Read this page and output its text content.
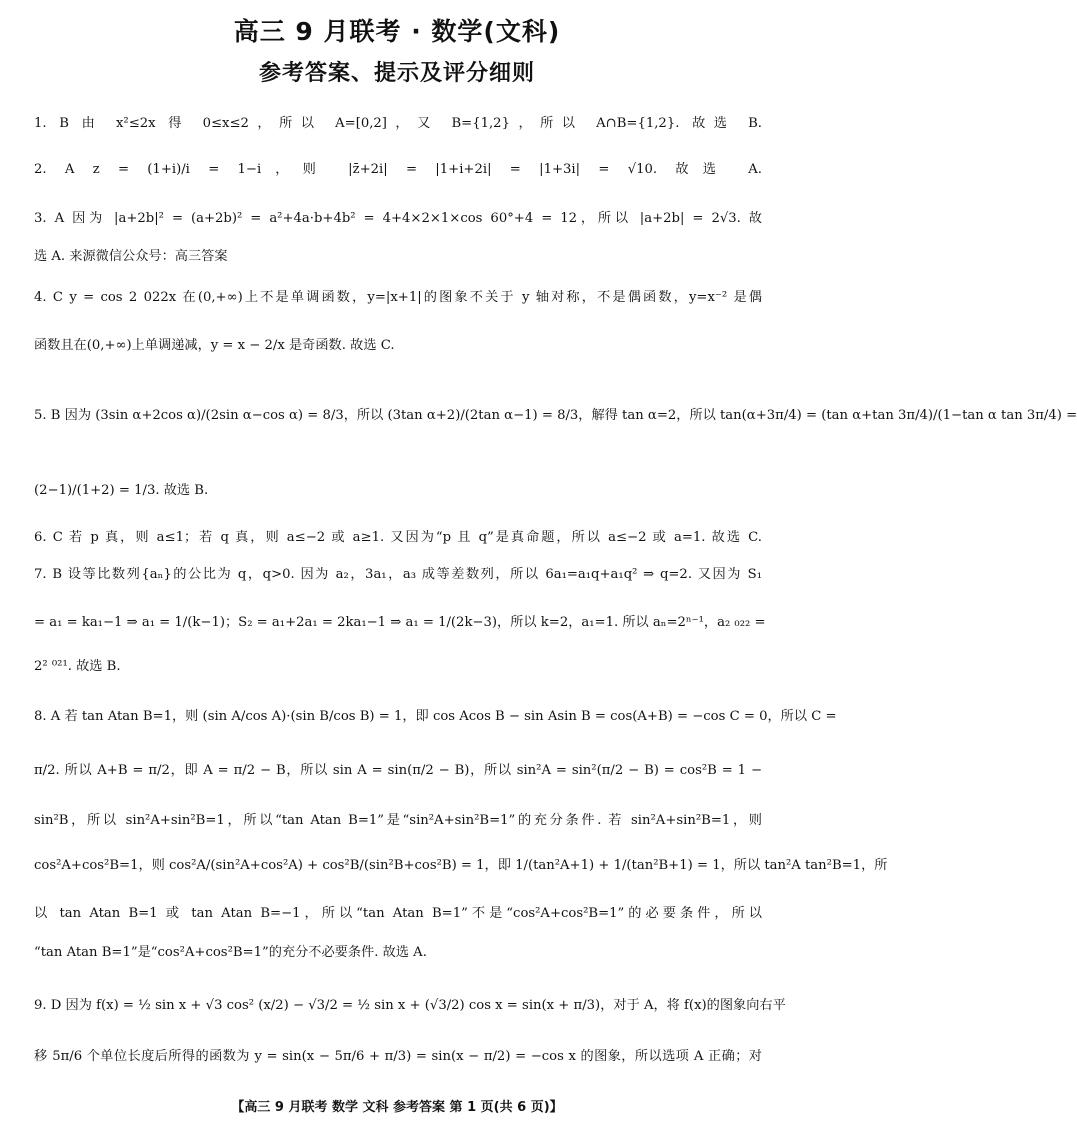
高三 9 月联考 · 数学(文科)
参考答案、提示及评分细则
1. B 由 x²≤2x 得 0≤x≤2，所以 A=[0,2]，又 B={1,2}，所以 A∩B={1,2}. 故选 B.
2. A z = (1+i)/i = 1−i，则 |z̄+2i| = |1+i+2i| = |1+3i| = √10. 故选 A.
3. A 因为 |a+2b|² = (a+2b)² = a²+4a·b+4b² = 4+4×2×1×cos 60°+4 = 12，所以 |a+2b| = 2√3. 故
选 A. 来源微信公众号：高三答案
4. C y = cos 2 022x 在(0,+∞)上不是单调函数，y=|x+1|的图象不关于 y 轴对称，不是偶函数，y=x⁻² 是偶
函数且在(0,+∞)上单调递减，y = x − 2/x 是奇函数. 故选 C.
5. B 因为 (3sin α+2cos α)/(2sin α−cos α) = 8/3，所以 (3tan α+2)/(2tan α−1) = 8/3，解得 tan α=2，所以 tan(α+3π/4) = (tan α+tan 3π/4)/(1−tan α tan 3π/4) =
(2−1)/(1+2) = 1/3. 故选 B.
6. C 若 p 真，则 a≤1；若 q 真，则 a≤−2 或 a≥1. 又因为“p 且 q”是真命题，所以 a≤−2 或 a=1. 故选 C.
7. B 设等比数列{aₙ}的公比为 q，q>0. 因为 a₂，3a₁，a₃ 成等差数列，所以 6a₁=a₁q+a₁q² ⇒ q=2. 又因为 S₁
= a₁ = ka₁−1 ⇒ a₁ = 1/(k−1)；S₂ = a₁+2a₁ = 2ka₁−1 ⇒ a₁ = 1/(2k−3)，所以 k=2，a₁=1. 所以 aₙ=2ⁿ⁻¹，a₂ ₀₂₂ =
2² ⁰²¹. 故选 B.
8. A 若 tan Atan B=1，则 (sin A/cos A)·(sin B/cos B) = 1，即 cos Acos B − sin Asin B = cos(A+B) = −cos C = 0，所以 C =
π/2. 所以 A+B = π/2，即 A = π/2 − B，所以 sin A = sin(π/2 − B)，所以 sin²A = sin²(π/2 − B) = cos²B = 1 −
sin²B，所以 sin²A+sin²B=1，所以“tan Atan B=1”是“sin²A+sin²B=1”的充分条件. 若 sin²A+sin²B=1，则
cos²A+cos²B=1，则 cos²A/(sin²A+cos²A) + cos²B/(sin²B+cos²B) = 1，即 1/(tan²A+1) + 1/(tan²B+1) = 1，所以 tan²A tan²B=1，所
以 tan Atan B=1 或 tan Atan B=−1，所以“tan Atan B=1”不是“cos²A+cos²B=1”的必要条件，所以
“tan Atan B=1”是“cos²A+cos²B=1”的充分不必要条件. 故选 A.
9. D 因为 f(x) = ½ sin x + √3 cos² (x/2) − √3/2 = ½ sin x + (√3/2) cos x = sin(x + π/3)，对于 A，将 f(x)的图象向右平
移 5π/6 个单位长度后所得的函数为 y = sin(x − 5π/6 + π/3) = sin(x − π/2) = −cos x 的图象，所以选项 A 正确；对
【高三 9 月联考 数学 文科 参考答案 第 1 页(共 6 页)】
